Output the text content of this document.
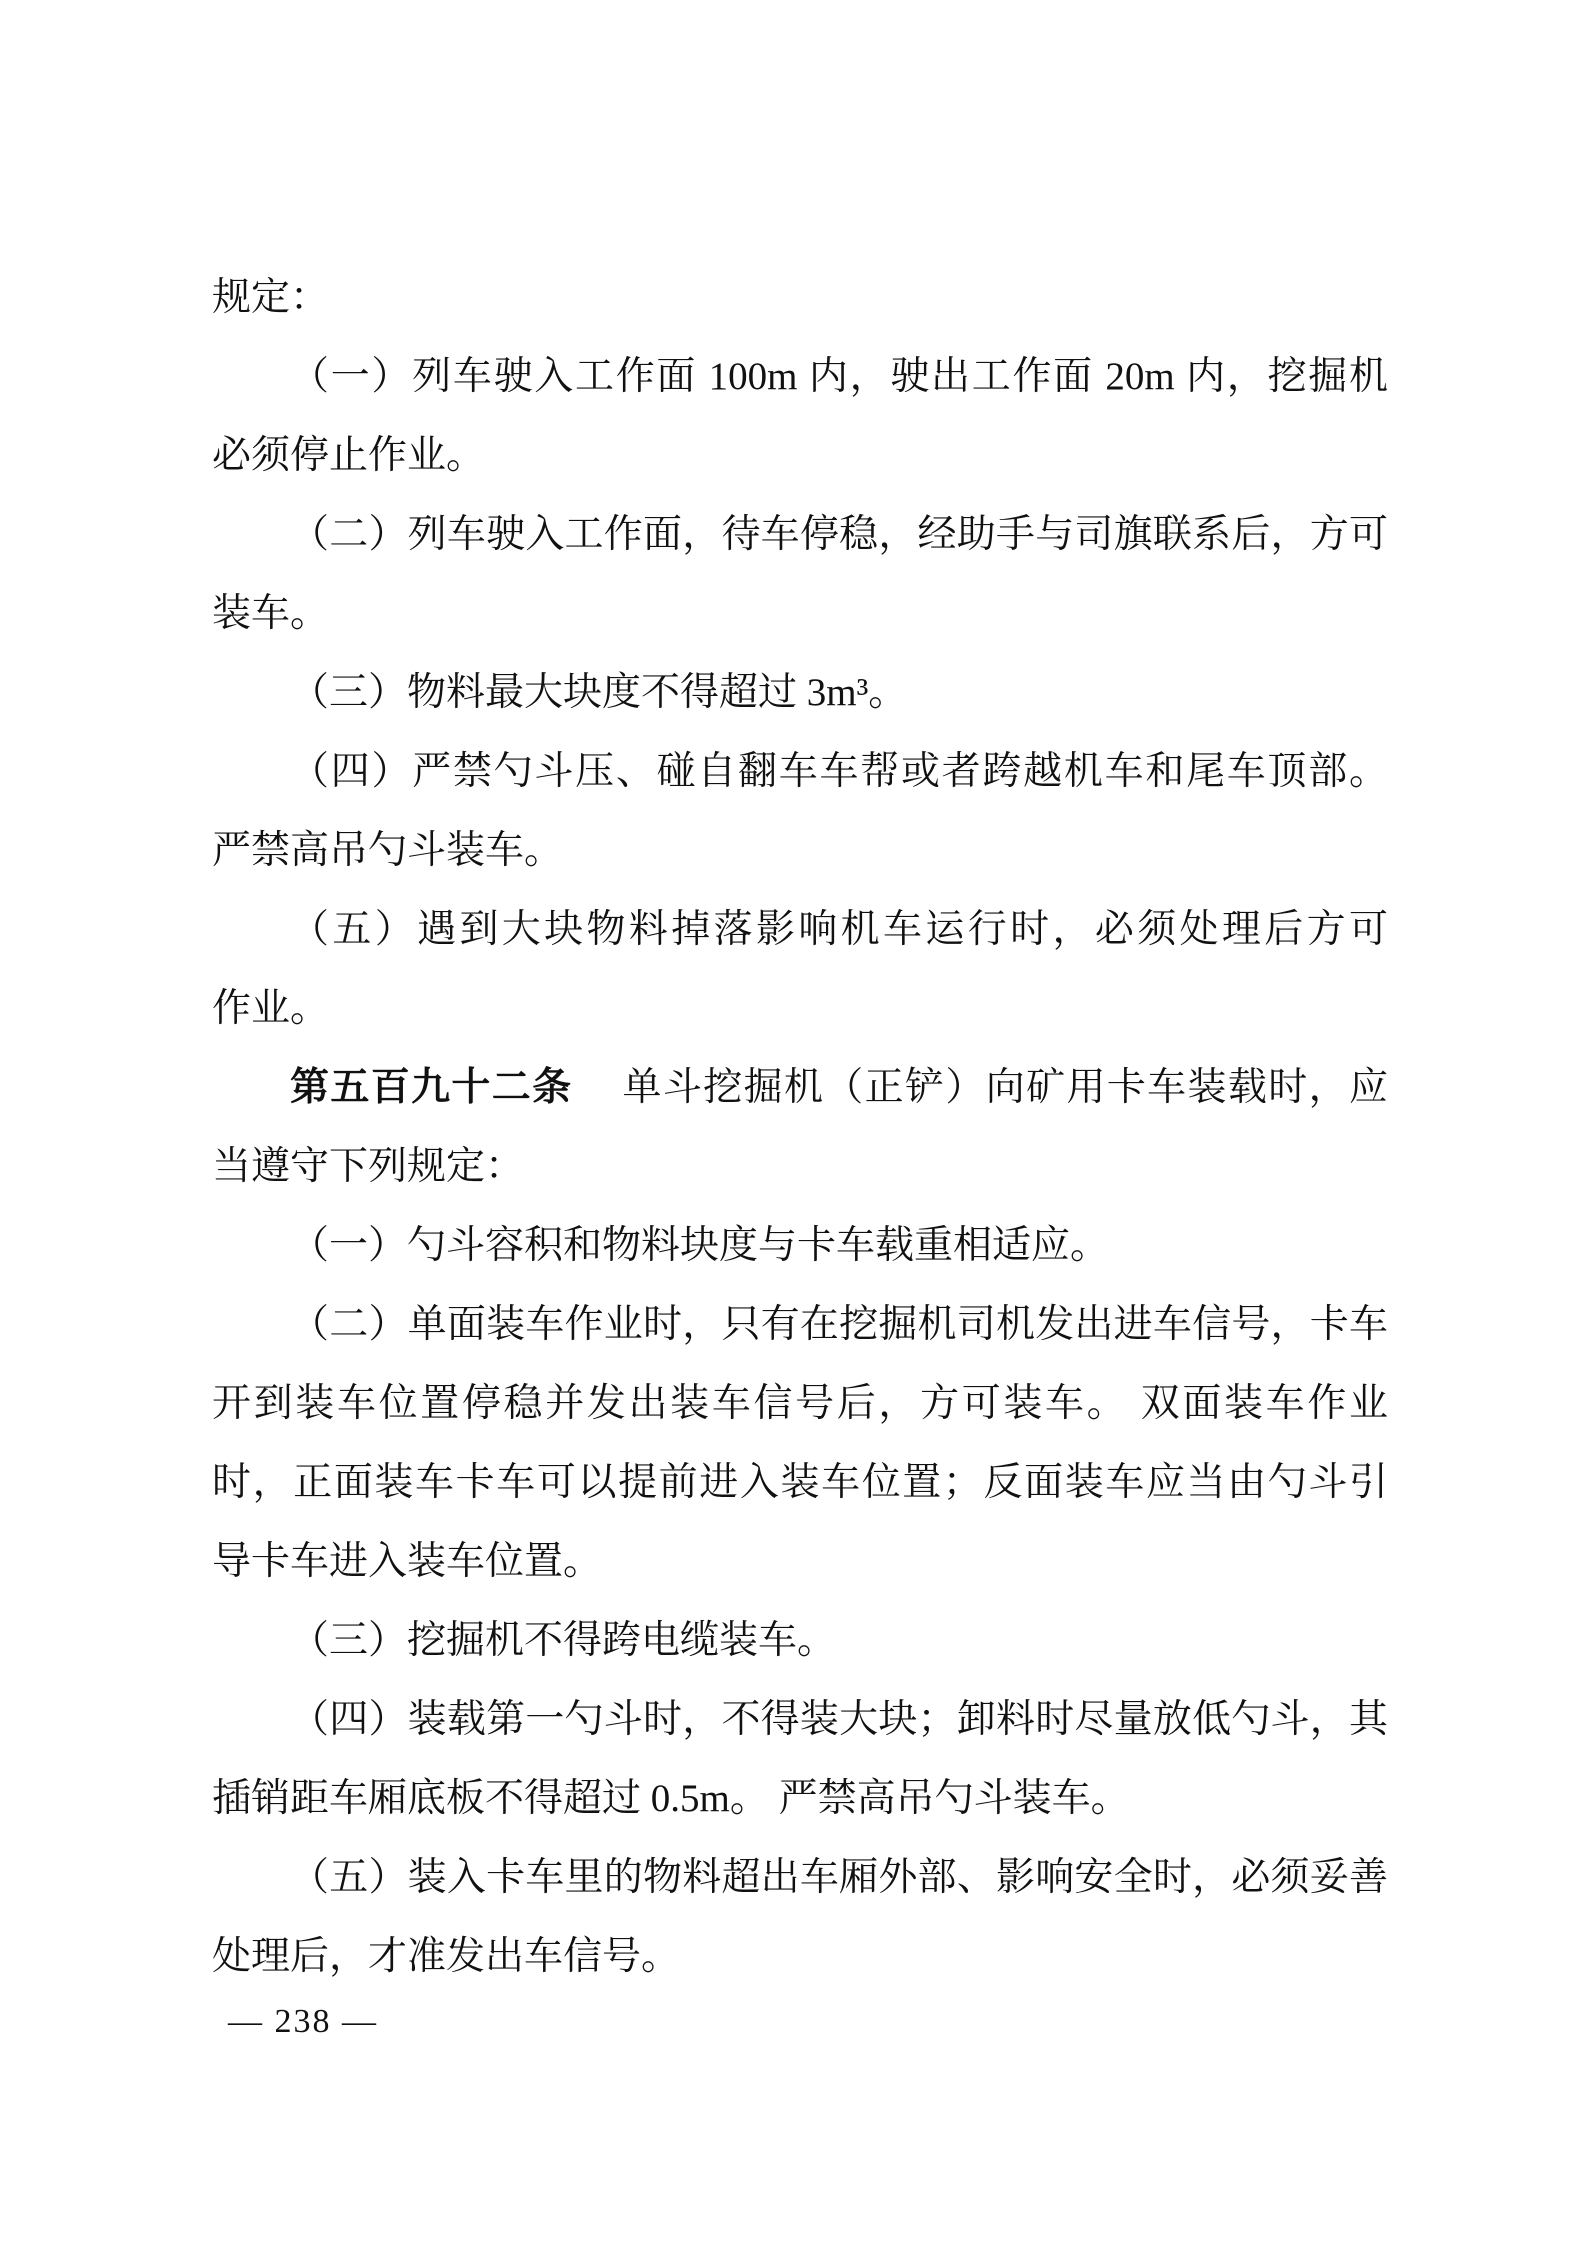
规定：
（一）列车驶入工作面 100m 内，驶出工作面 20m 内，挖掘机
必须停止作业。
（二）列车驶入工作面，待车停稳，经助手与司旗联系后，方可
装车。
（三）物料最大块度不得超过 3m³。
（四）严禁勺斗压、碰自翻车车帮或者跨越机车和尾车顶部。
严禁高吊勺斗装车。
（五）遇到大块物料掉落影响机车运行时，必须处理后方可
作业。
第五百九十二条 单斗挖掘机（正铲）向矿用卡车装载时，应
当遵守下列规定：
（一）勺斗容积和物料块度与卡车载重相适应。
（二）单面装车作业时，只有在挖掘机司机发出进车信号，卡车
开到装车位置停稳并发出装车信号后，方可装车。 双面装车作业
时，正面装车卡车可以提前进入装车位置；反面装车应当由勺斗引
导卡车进入装车位置。
（三）挖掘机不得跨电缆装车。
（四）装载第一勺斗时，不得装大块；卸料时尽量放低勺斗，其
插销距车厢底板不得超过 0.5m。 严禁高吊勺斗装车。
（五）装入卡车里的物料超出车厢外部、影响安全时，必须妥善
处理后，才准发出车信号。
— 238 —
